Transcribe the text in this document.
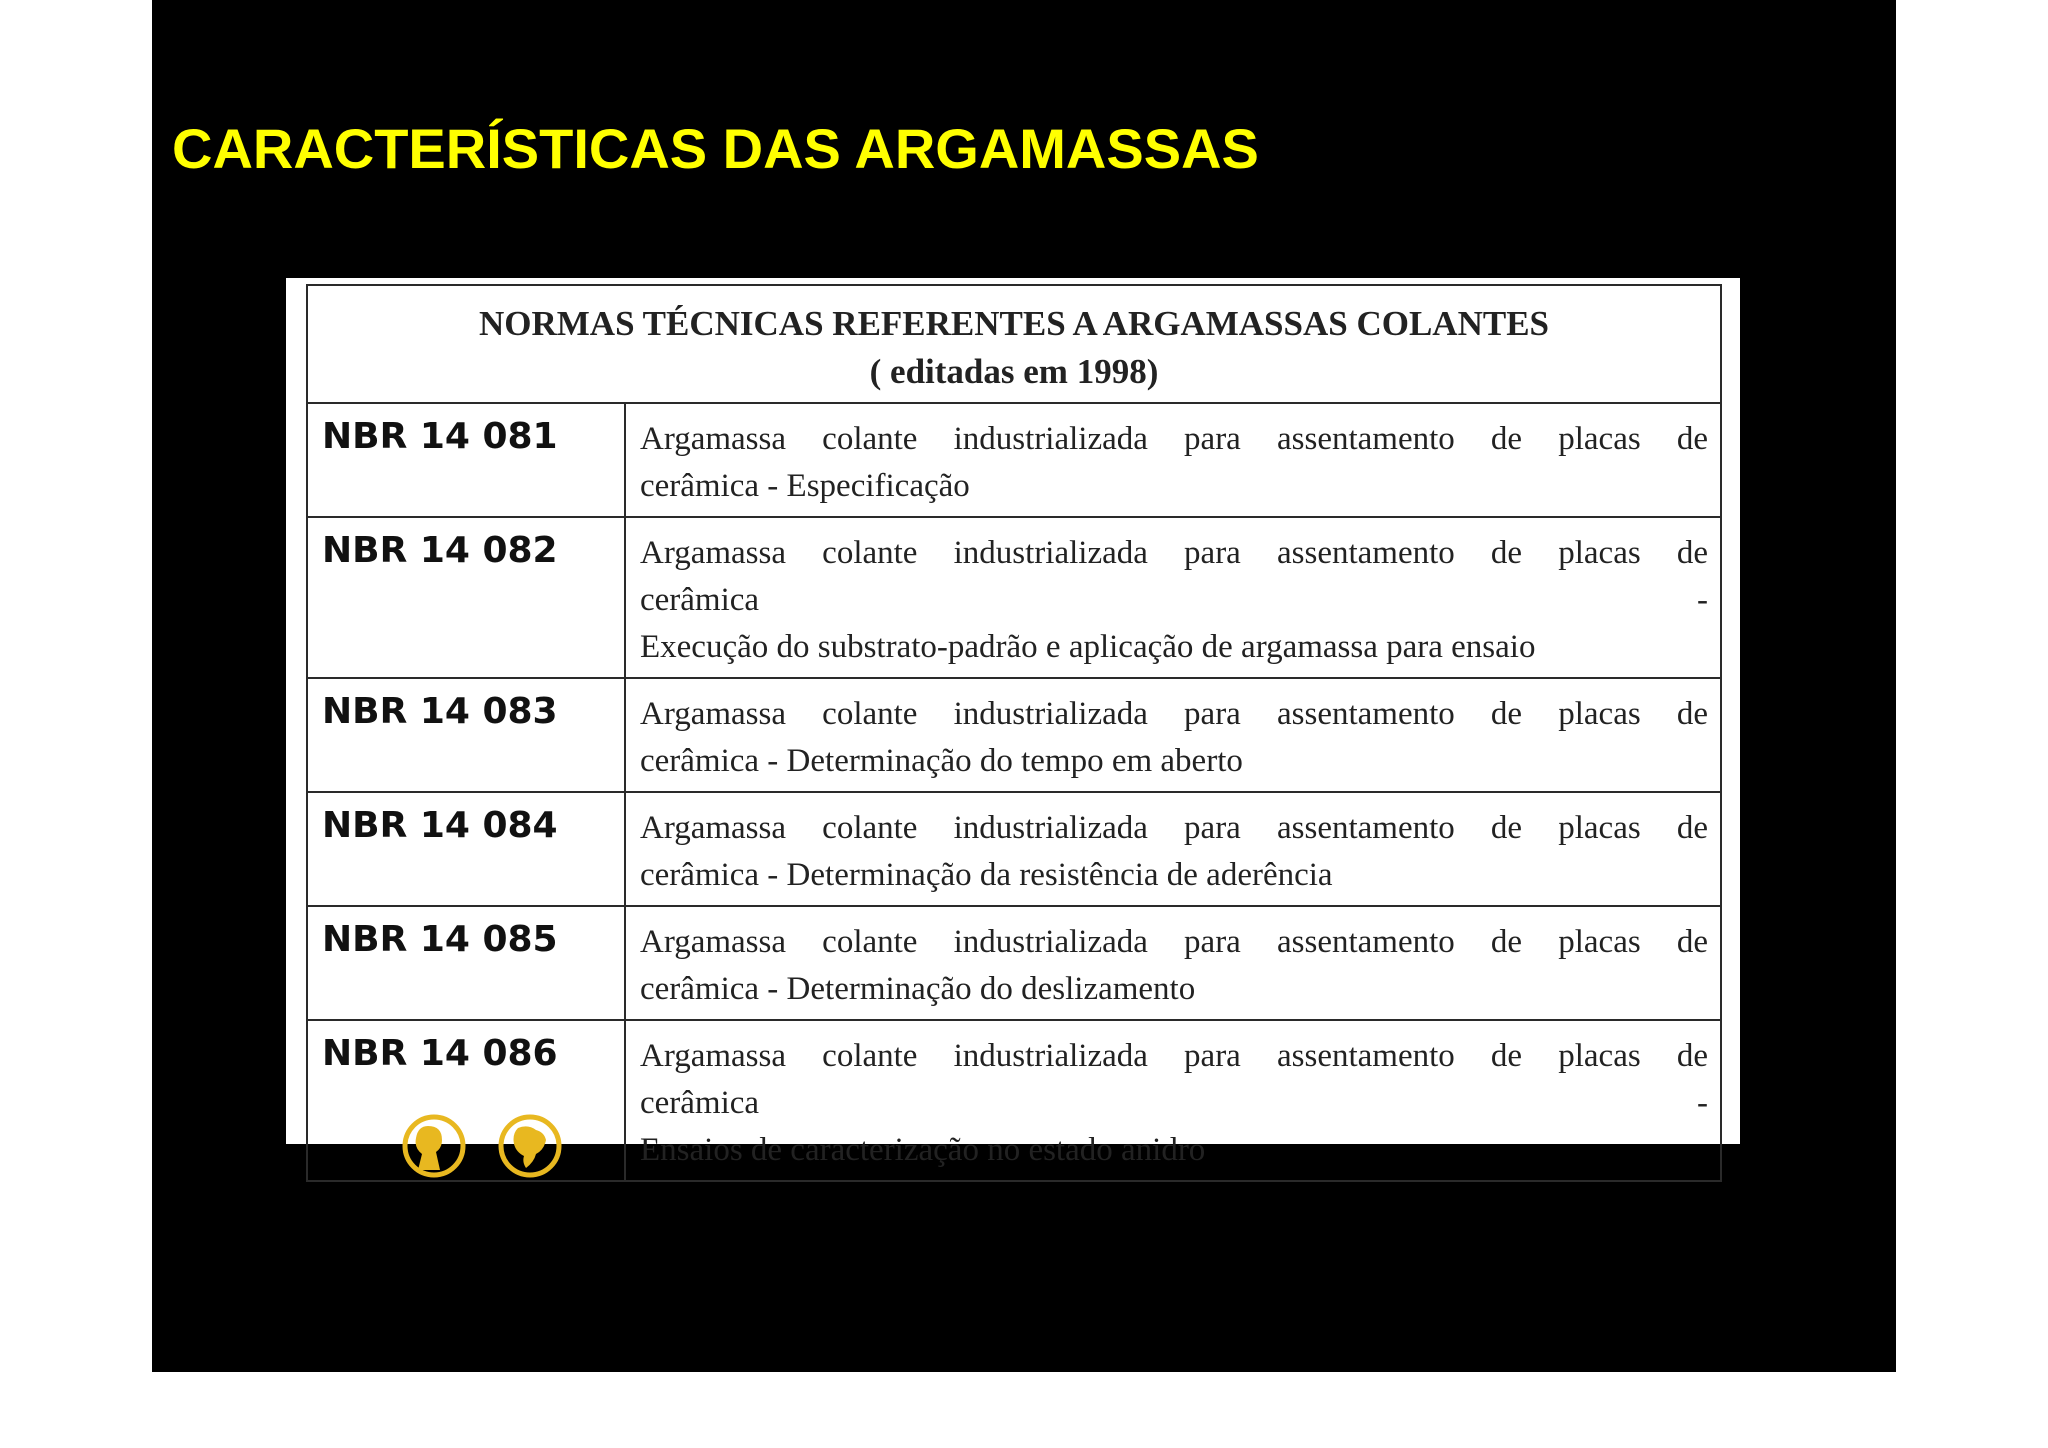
CARACTERÍSTICAS DAS ARGAMASSAS
NORMAS TÉCNICAS REFERENTES A ARGAMASSAS COLANTES
( editadas em 1998)	

NBR 14 081	Argamassa colante industrializada para assentamento de placas de
cerâmica - Especificação

NBR 14 082	Argamassa colante industrializada para assentamento de placas de
cerâmica -
Execução do substrato-padrão e aplicação de argamassa para ensaio

NBR 14 083	Argamassa colante industrializada para assentamento de placas de
cerâmica - Determinação do tempo em aberto

NBR 14 084	Argamassa colante industrializada para assentamento de placas de
cerâmica - Determinação da resistência de aderência

NBR 14 085	Argamassa colante industrializada para assentamento de placas de
cerâmica - Determinação do deslizamento

NBR 14 086	Argamassa colante industrializada para assentamento de placas de
cerâmica -
Ensaios de caracterização no estado anidro
